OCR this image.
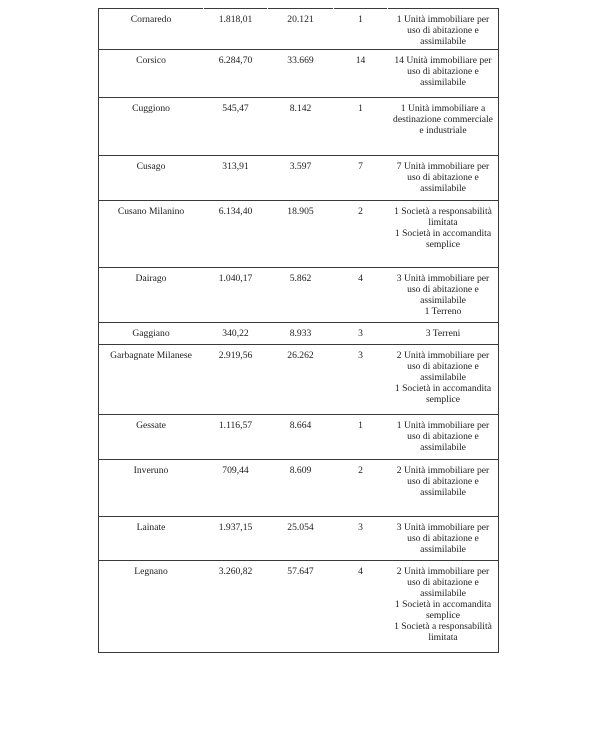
Cornaredo	1.818,01	20.121	1	1 Unità immobiliare per uso di abitazione e assimilabile

Corsico	6.284,70	33.669	14	14 Unità immobiliare per uso di abitazione e assimilabile

Cuggiono	545,47	8.142	1	1 Unità immobiliare a destinazione commerciale e industriale

Cusago	313,91	3.597	7	7 Unità immobiliare per uso di abitazione e assimilabile

Cusano Milanino	6.134,40	18.905	2	1 Società a responsabilità limitata
1 Società in accomandita semplice

Dairago	1.040,17	5.862	4	3 Unità immobiliare per uso di abitazione e assimilabile
1 Terreno

Gaggiano	340,22	8.933	3	3 Terreni

Garbagnate Milanese	2.919,56	26.262	3	2 Unità immobiliare per uso di abitazione e assimilabile
1 Società in accomandita semplice

Gessate	1.116,57	8.664	1	1 Unità immobiliare per uso di abitazione e assimilabile

Inveruno	709,44	8.609	2	2 Unità immobiliare per uso di abitazione e assimilabile

Lainate	1.937,15	25.054	3	3 Unità immobiliare per uso di abitazione e assimilabile

Legnano	3.260,82	57.647	4	2 Unità immobiliare per uso di abitazione e assimilabile
1 Società in accomandita semplice
1 Società a responsabilità limitata
